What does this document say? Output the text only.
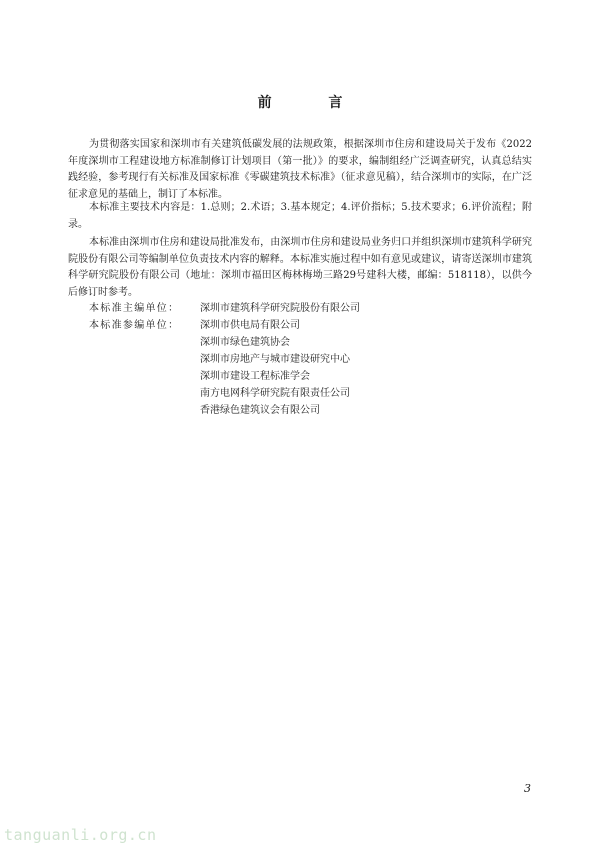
前 言

为贯彻落实国家和深圳市有关建筑低碳发展的法规政策，根据深圳市住房和建设局关于发布《2022年度深圳市工程建设地方标准制修订计划项目（第一批）》的要求，编制组经广泛调查研究，认真总结实践经验，参考现行有关标准及国家标准《零碳建筑技术标准》（征求意见稿），结合深圳市的实际，在广泛征求意见的基础上，制订了本标准。

本标准主要技术内容是：1.总则；2.术语；3.基本规定；4.评价指标；5.技术要求；6.评价流程；附录。

本标准由深圳市住房和建设局批准发布，由深圳市住房和建设局业务归口并组织深圳市建筑科学研究院股份有限公司等编制单位负责技术内容的解释。本标准实施过程中如有意见或建议，请寄送深圳市建筑科学研究院股份有限公司（地址：深圳市福田区梅林梅坳三路29号建科大楼，邮编：518118），以供今后修订时参考。

本标准主编单位： 深圳市建筑科学研究院股份有限公司
本标准参编单位： 深圳市供电局有限公司
深圳市绿色建筑协会
深圳市房地产与城市建设研究中心
深圳市建设工程标准学会
南方电网科学研究院有限责任公司
香港绿色建筑议会有限公司
3
tanguanli.org.cn
